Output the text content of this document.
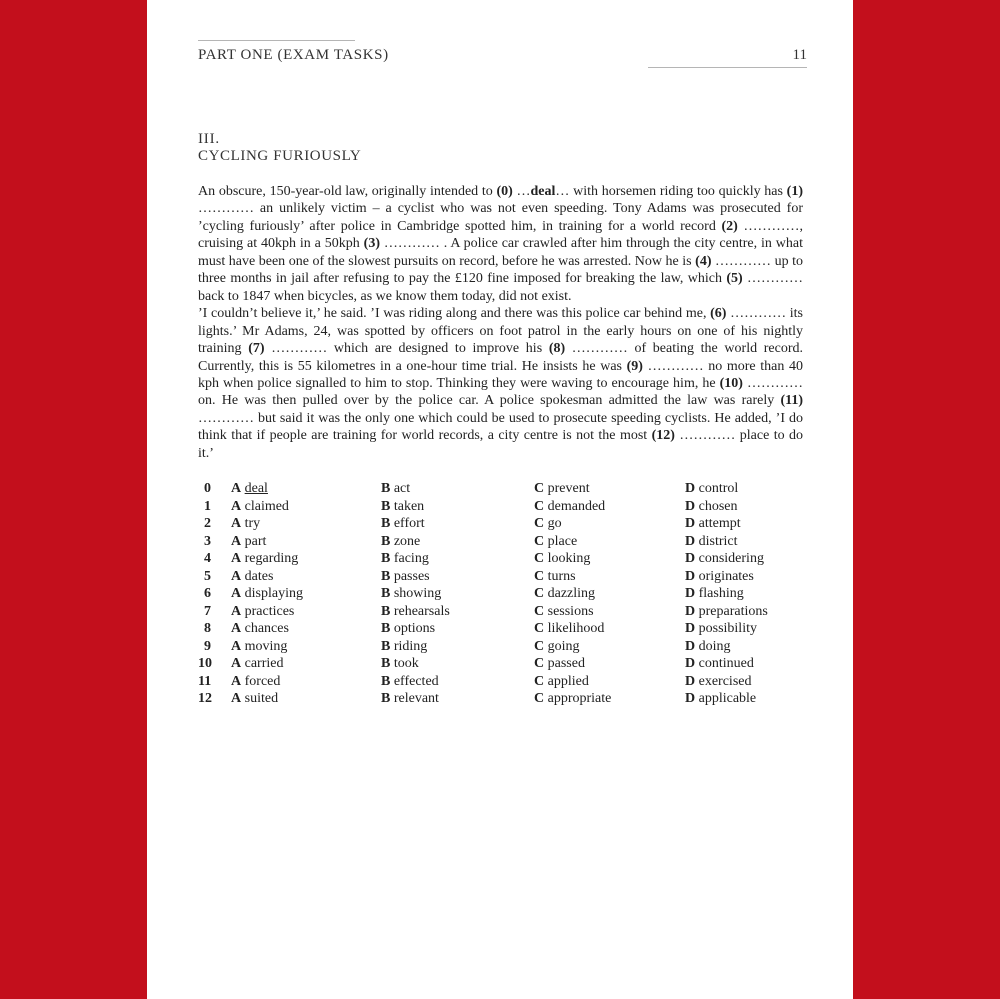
PART ONE (EXAM TASKS)	11
III.
CYCLING FURIOUSLY

An obscure, 150-year-old law, originally intended to (0) …deal… with horsemen riding too quickly has (1) ………… an unlikely victim – a cyclist who was not even speeding. Tony Adams was prosecuted for ’cycling furiously’ after police in Cambridge spotted him, in training for a world record (2) …………, cruising at 40kph in a 50kph (3) ………… . A police car crawled after him through the city centre, in what must have been one of the slowest pursuits on record, before he was arrested. Now he is (4) ………… up to three months in jail after refusing to pay the £120 fine imposed for breaking the law, which (5) ………… back to 1847 when bicycles, as we know them today, did not exist.

’I couldn’t believe it,’ he said. ’I was riding along and there was this police car behind me, (6) ………… its lights.’ Mr Adams, 24, was spotted by officers on foot patrol in the early hours on one of his nightly training (7) ………… which are designed to improve his (8) ………… of beating the world record. Currently, this is 55 kilometres in a one-hour time trial. He insists he was (9) ………… no more than 40 kph when police signalled to him to stop. Thinking they were waving to encourage him, he (10) ………… on. He was then pulled over by the police car. A police spokesman admitted the law was rarely (11) ………… but said it was the only one which could be used to prosecute speeding cyclists. He added, ’I do think that if people are training for world records, a city centre is not the most (12) ………… place to do it.’

0 A deal	B act	C prevent	D control
1 A claimed	B taken	C demanded	D chosen
2 A try	B effort	C go	D attempt
3 A part	B zone	C place	D district
4 A regarding	B facing	C looking	D considering
5 A dates	B passes	C turns	D originates
6 A displaying	B showing	C dazzling	D flashing
7 A practices	B rehearsals	C sessions	D preparations
8 A chances	B options	C likelihood	D possibility
9 A moving	B riding	C going	D doing
10 A carried	B took	C passed	D continued
11 A forced	B effected	C applied	D exercised
12 A suited	B relevant	C appropriate	D applicable
